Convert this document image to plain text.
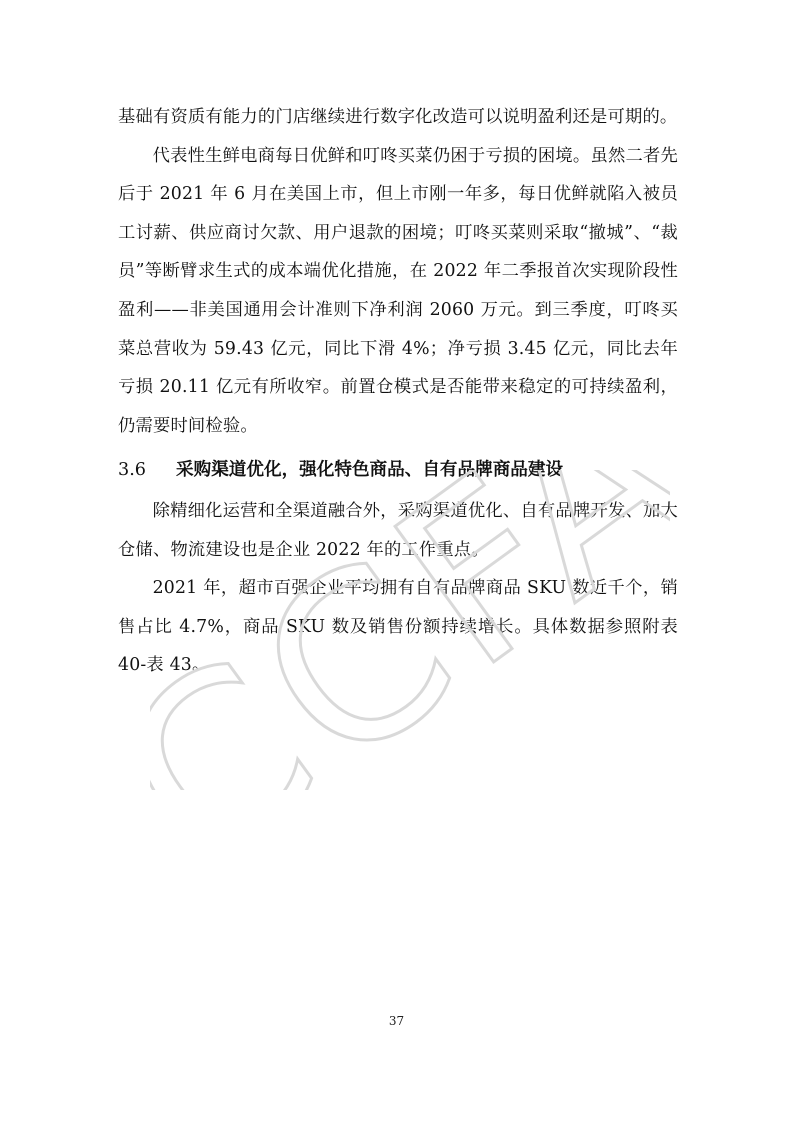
基础有资质有能力的门店继续进行数字化改造可以说明盈利还是可期的。

代表性生鲜电商每日优鲜和叮咚买菜仍困于亏损的困境。虽然二者先后于 2021 年 6 月在美国上市，但上市刚一年多，每日优鲜就陷入被员工讨薪、供应商讨欠款、用户退款的困境；叮咚买菜则采取“撤城”、“裁员”等断臂求生式的成本端优化措施，在 2022 年二季报首次实现阶段性盈利——非美国通用会计准则下净利润 2060 万元。到三季度，叮咚买菜总营收为 59.43 亿元，同比下滑 4%；净亏损 3.45 亿元，同比去年亏损 20.11 亿元有所收窄。前置仓模式是否能带来稳定的可持续盈利，仍需要时间检验。

3.6 采购渠道优化，强化特色商品、自有品牌商品建设

除精细化运营和全渠道融合外，采购渠道优化、自有品牌开发、加大仓储、物流建设也是企业 2022 年的工作重点。

2021 年，超市百强企业平均拥有自有品牌商品 SKU 数近千个，销售占比 4.7%，商品 SKU 数及销售份额持续增长。具体数据参照附表 40-表 43。

CCFA
37
